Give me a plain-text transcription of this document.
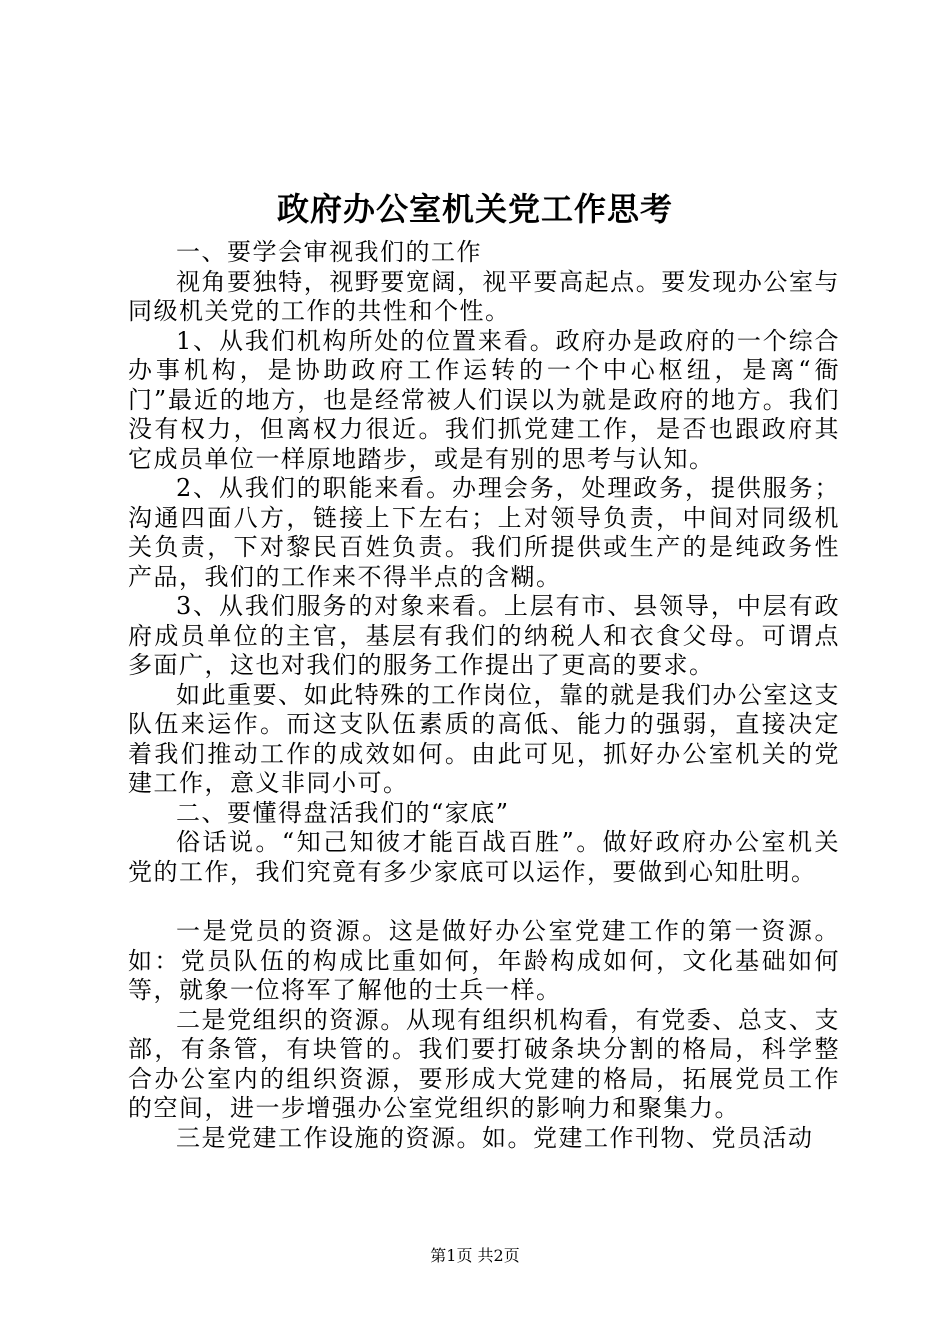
政府办公室机关党工作思考

一、要学会审视我们的工作

视角要独特，视野要宽阔，视平要高起点。要发现办公室与同级机关党的工作的共性和个性。

1、从我们机构所处的位置来看。政府办是政府的一个综合办事机构，是协助政府工作运转的一个中心枢纽，是离“衙门”最近的地方，也是经常被人们误以为就是政府的地方。我们没有权力，但离权力很近。我们抓党建工作，是否也跟政府其它成员单位一样原地踏步，或是有别的思考与认知。

2、从我们的职能来看。办理会务，处理政务，提供服务；沟通四面八方，链接上下左右；上对领导负责，中间对同级机关负责，下对黎民百姓负责。我们所提供或生产的是纯政务性产品，我们的工作来不得半点的含糊。

3、从我们服务的对象来看。上层有市、县领导，中层有政府成员单位的主官，基层有我们的纳税人和衣食父母。可谓点多面广，这也对我们的服务工作提出了更高的要求。

如此重要、如此特殊的工作岗位，靠的就是我们办公室这支队伍来运作。而这支队伍素质的高低、能力的强弱，直接决定着我们推动工作的成效如何。由此可见，抓好办公室机关的党建工作，意义非同小可。

二、要懂得盘活我们的“家底”

俗话说。“知己知彼才能百战百胜”。做好政府办公室机关党的工作，我们究竟有多少家底可以运作，要做到心知肚明。

一是党员的资源。这是做好办公室党建工作的第一资源。如：党员队伍的构成比重如何，年龄构成如何，文化基础如何等，就象一位将军了解他的士兵一样。

二是党组织的资源。从现有组织机构看，有党委、总支、支部，有条管，有块管的。我们要打破条块分割的格局，科学整合办公室内的组织资源，要形成大党建的格局，拓展党员工作的空间，进一步增强办公室党组织的影响力和聚集力。

三是党建工作设施的资源。如。党建工作刊物、党员活动

第1页 共2页
